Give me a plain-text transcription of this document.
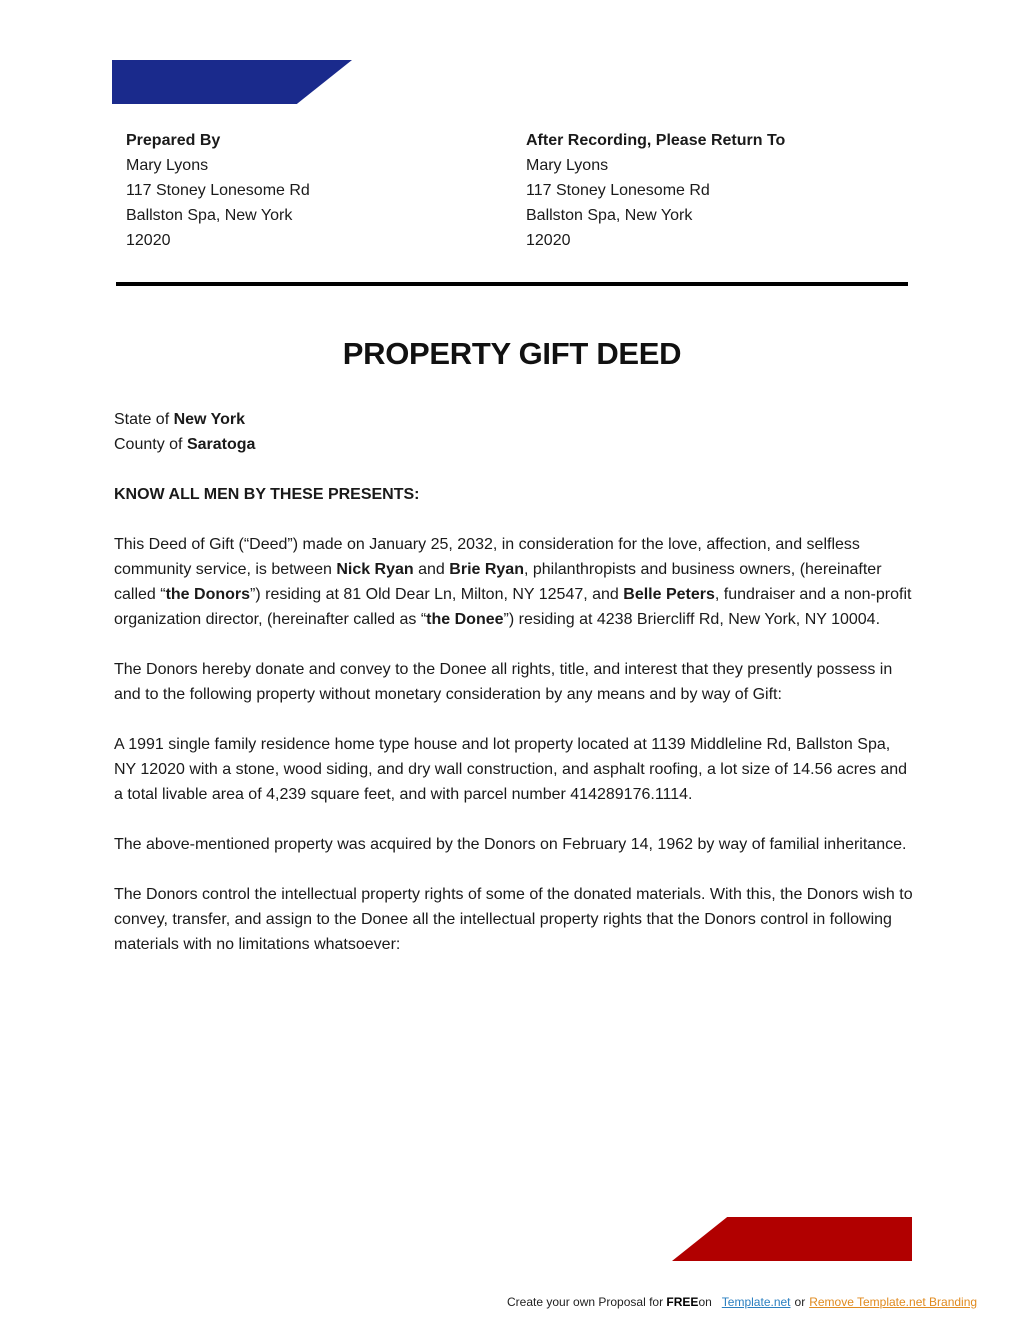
Prepared By
Mary Lyons
117 Stoney Lonesome Rd
Ballston Spa, New York
12020
After Recording, Please Return To
Mary Lyons
117 Stoney Lonesome Rd
Ballston Spa, New York
12020
PROPERTY GIFT DEED

State of New York

County of Saratoga

KNOW ALL MEN BY THESE PRESENTS:

This Deed of Gift (“Deed”) made on January 25, 2032, in consideration for the love, affection, and selfless community service, is between Nick Ryan and Brie Ryan, philanthropists and business owners, (hereinafter called “the Donors”) residing at 81 Old Dear Ln, Milton, NY 12547, and Belle Peters, fundraiser and a non-profit organization director, (hereinafter called as “the Donee”) residing at 4238 Briercliff Rd, New York, NY 10004.

The Donors hereby donate and convey to the Donee all rights, title, and interest that they presently possess in and to the following property without monetary consideration by any means and by way of Gift:

A 1991 single family residence home type house and lot property located at 1139 Middleline Rd, Ballston Spa, NY 12020 with a stone, wood siding, and dry wall construction, and asphalt roofing, a lot size of 14.56 acres and a total livable area of 4,239 square feet, and with parcel number 414289176.1114.

The above-mentioned property was acquired by the Donors on February 14, 1962 by way of familial inheritance.

The Donors control the intellectual property rights of some of the donated materials. With this, the Donors wish to convey, transfer, and assign to the Donee all the intellectual property rights that the Donors control in following materials with no limitations whatsoever:

Create your own Proposal for FREEon Template.net or Remove Template.net Branding
